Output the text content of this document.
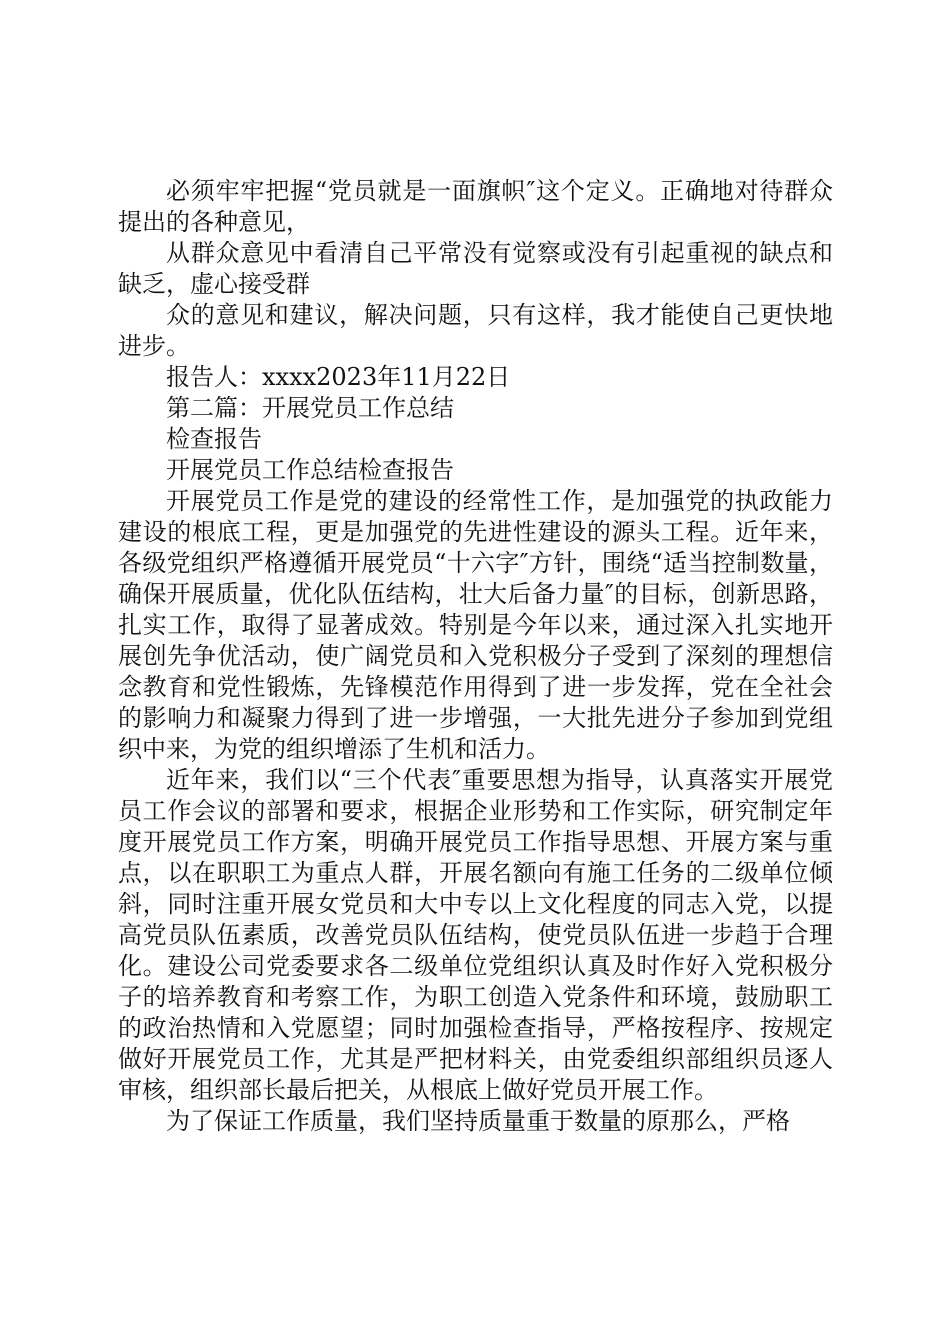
必须牢牢把握“党员就是一面旗帜″这个定义。正确地对待群众提出的各种意见，

从群众意见中看清自己平常没有觉察或没有引起重视的缺点和缺乏，虚心接受群

众的意见和建议，解决问题，只有这样，我才能使自己更快地进步。

报告人：xxxx2023年11月22日

第二篇：开展党员工作总结

检查报告

开展党员工作总结检查报告

开展党员工作是党的建设的经常性工作，是加强党的执政能力建设的根底工程，更是加强党的先进性建设的源头工程。近年来，各级党组织严格遵循开展党员“十六字″方针，围绕“适当控制数量，确保开展质量，优化队伍结构，壮大后备力量″的目标，创新思路，扎实工作，取得了显著成效。特别是今年以来，通过深入扎实地开展创先争优活动，使广阔党员和入党积极分子受到了深刻的理想信念教育和党性锻炼，先锋模范作用得到了进一步发挥，党在全社会的影响力和凝聚力得到了进一步增强，一大批先进分子参加到党组织中来，为党的组织增添了生机和活力。

近年来，我们以“三个代表″重要思想为指导，认真落实开展党员工作会议的部署和要求，根据企业形势和工作实际，研究制定年度开展党员工作方案，明确开展党员工作指导思想、开展方案与重点，以在职职工为重点人群，开展名额向有施工任务的二级单位倾斜，同时注重开展女党员和大中专以上文化程度的同志入党，以提高党员队伍素质，改善党员队伍结构，使党员队伍进一步趋于合理化。建设公司党委要求各二级单位党组织认真及时作好入党积极分子的培养教育和考察工作，为职工创造入党条件和环境，鼓励职工的政治热情和入党愿望；同时加强检查指导，严格按程序、按规定做好开展党员工作，尤其是严把材料关，由党委组织部组织员逐人审核，组织部长最后把关，从根底上做好党员开展工作。

为了保证工作质量，我们坚持质量重于数量的原那么，严格
